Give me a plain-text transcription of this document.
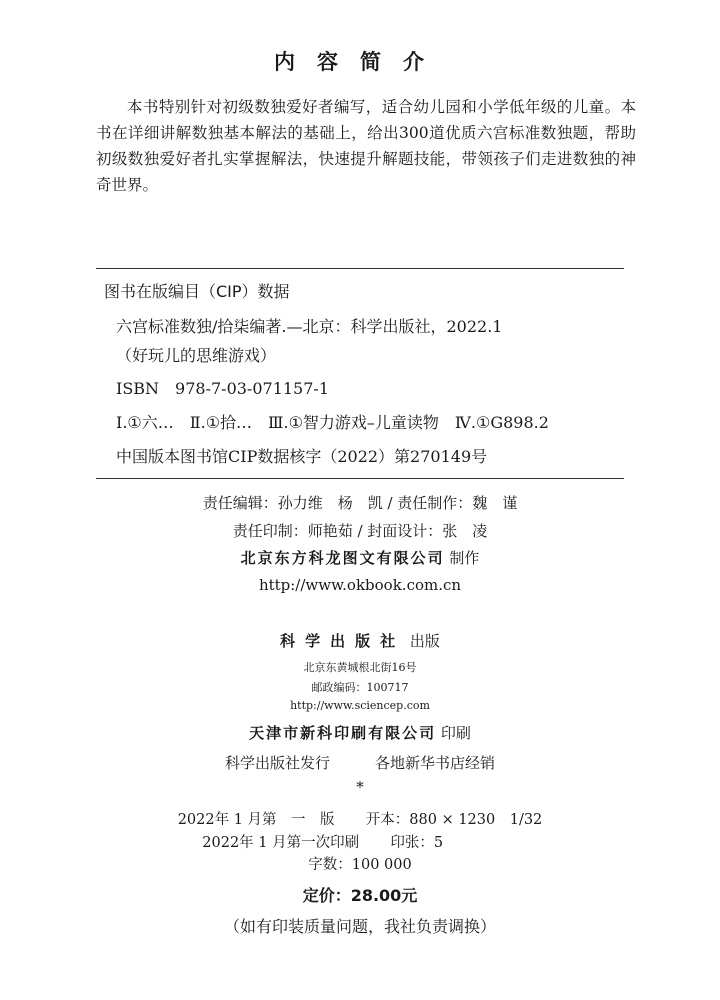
内容简介
本书特别针对初级数独爱好者编写，适合幼儿园和小学低年级的儿童。本书在详细讲解数独基本解法的基础上，给出300道优质六宫标准数独题，帮助初级数独爱好者扎实掌握解法，快速提升解题技能，带领孩子们走进数独的神奇世界。
图书在版编目（CIP）数据
六宫标准数独/拾柒编著.—北京：科学出版社，2022.1
（好玩儿的思维游戏）
ISBN　978-7-03-071157-1
Ⅰ.①六…　Ⅱ.①拾…　Ⅲ.①智力游戏–儿童读物　Ⅳ.①G898.2
中国版本图书馆CIP数据核字（2022）第270149号
责任编辑：孙力维　杨　凯 / 责任制作：魏　谨
责任印制：师艳茹 / 封面设计：张　凌
北京东方科龙图文有限公司 制作
http://www.okbook.com.cn
科学出版社 出版
北京东黄城根北街16号
邮政编码：100717
http://www.sciencep.com
天津市新科印刷有限公司 印刷
科学出版社发行　　　各地新华书店经销
*
2022年 1 月第　一　版 开本：880 × 1230　1/32
2022年 1 月第一次印刷 印张：5
字数：100 000
定价：28.00元
（如有印装质量问题，我社负责调换）
